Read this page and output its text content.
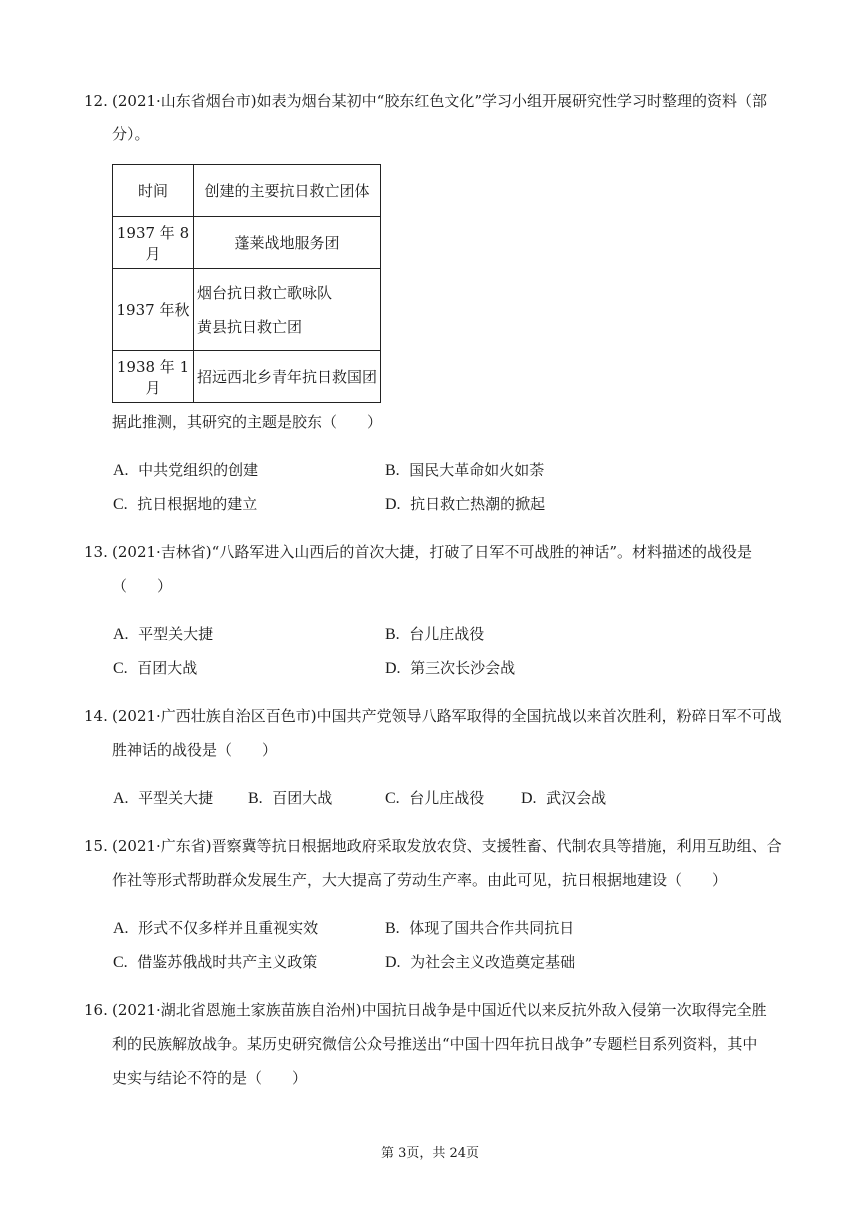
12. (2021·山东省烟台市)如表为烟台某初中“胶东红色文化”学习小组开展研究性学习时整理的资料（部
分）。
时间	创建的主要抗日救亡团体
1937 年 8 月	蓬莱战地服务团
1937 年秋	烟台抗日救亡歌咏队
黄县抗日救亡团

1938 年 1 月	招远西北乡青年抗日救国团
据此推测，其研究的主题是胶东（　　）
A. 中共党组织的创建	B. 国民大革命如火如荼
C. 抗日根据地的建立	D. 抗日救亡热潮的掀起
13. (2021·吉林省)“八路军进入山西后的首次大捷，打破了日军不可战胜的神话”。材料描述的战役是
（　　）
A. 平型关大捷	B. 台儿庄战役
C. 百团大战	D. 第三次长沙会战
14. (2021·广西壮族自治区百色市)中国共产党领导八路军取得的全国抗战以来首次胜利，粉碎日军不可战
胜神话的战役是（　　）
A. 平型关大捷 B. 百团大战	C. 台儿庄战役 D. 武汉会战
15. (2021·广东省)晋察冀等抗日根据地政府采取发放农贷、支援牲畜、代制农具等措施，利用互助组、合
作社等形式帮助群众发展生产，大大提高了劳动生产率。由此可见，抗日根据地建设（　　）
A. 形式不仅多样并且重视实效	B. 体现了国共合作共同抗日
C. 借鉴苏俄战时共产主义政策	D. 为社会主义改造奠定基础
16. (2021·湖北省恩施土家族苗族自治州)中国抗日战争是中国近代以来反抗外敌入侵第一次取得完全胜
利的民族解放战争。某历史研究微信公众号推送出“中国十四年抗日战争”专题栏目系列资料，其中
史实与结论不符的是（　　）
第 3页，共 24页
